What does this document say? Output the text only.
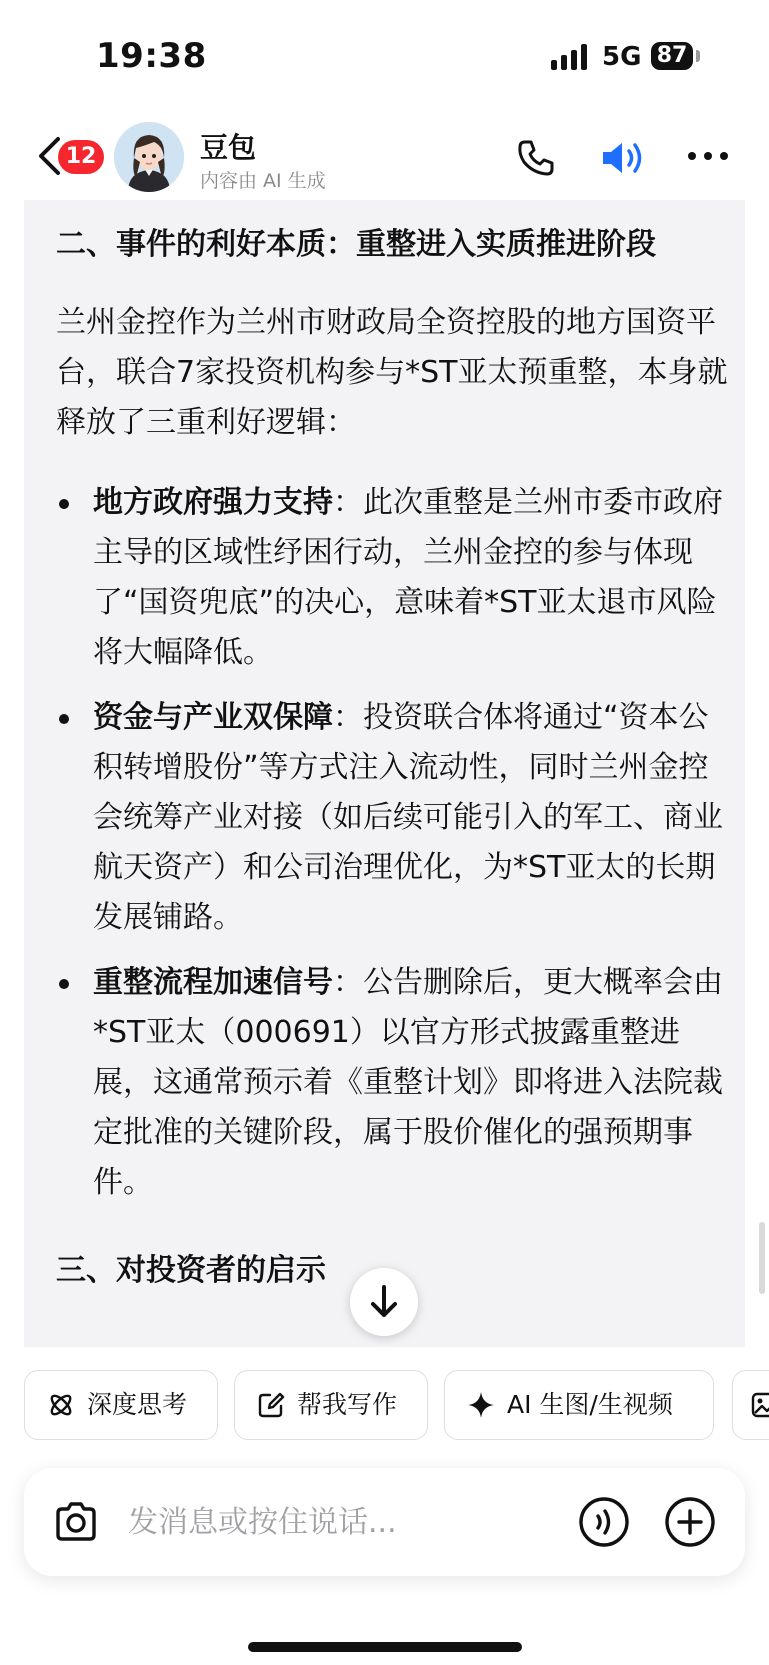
19:38	5G 87
12	豆包
内容由 AI 生成

二、事件的利好本质：重整进入实质推进阶段

兰州金控作为兰州市财政局全资控股的地方国资平台，联合7家投资机构参与*ST亚太预重整，本身就释放了三重利好逻辑：

地方政府强力支持：此次重整是兰州市委市政府主导的区域性纾困行动，兰州金控的参与体现了“国资兜底”的决心，意味着*ST亚太退市风险将大幅降低。
资金与产业双保障：投资联合体将通过“资本公积转增股份”等方式注入流动性，同时兰州金控会统筹产业对接（如后续可能引入的军工、商业航天资产）和公司治理优化，为*ST亚太的长期发展铺路。
重整流程加速信号：公告删除后，更大概率会由*ST亚太（000691）以官方形式披露重整进展，这通常预示着《重整计划》即将进入法院裁定批准的关键阶段，属于股价催化的强预期事件。

三、对投资者的启示

深度思考	帮我写作	AI 生图/生视频
发消息或按住说话...
